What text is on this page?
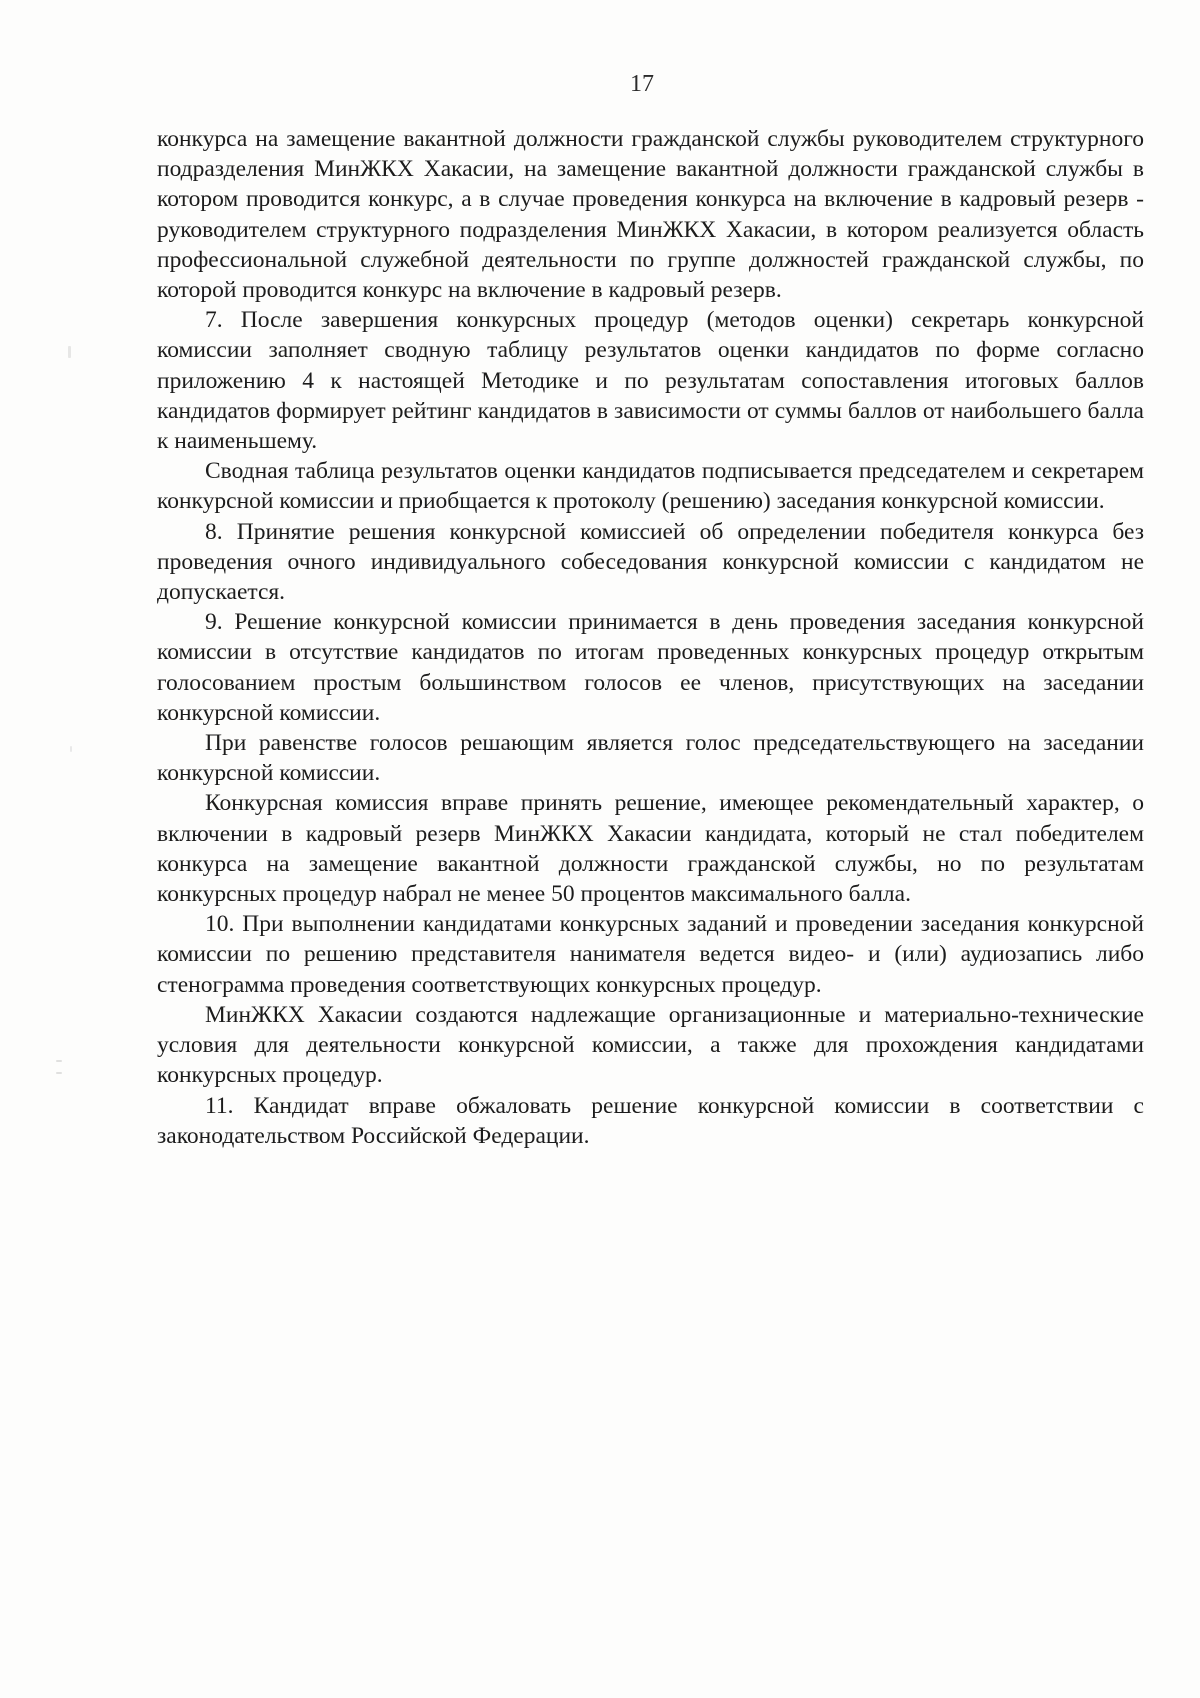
17

конкурса на замещение вакантной должности гражданской службы руководителем структурного подразделения МинЖКХ Хакасии, на замещение вакантной должности гражданской службы в котором проводится конкурс, а в случае проведения конкурса на включение в кадровый резерв - руководителем структурного подразделения МинЖКХ Хакасии, в котором реализуется область профессиональной служебной деятельности по группе должностей гражданской службы, по которой проводится конкурс на включение в кадровый резерв.

7. После завершения конкурсных процедур (методов оценки) секретарь конкурсной комиссии заполняет сводную таблицу результатов оценки кандидатов по форме согласно приложению 4 к настоящей Методике и по результатам сопоставления итоговых баллов кандидатов формирует рейтинг кандидатов в зависимости от суммы баллов от наибольшего балла к наименьшему.

Сводная таблица результатов оценки кандидатов подписывается председателем и секретарем конкурсной комиссии и приобщается к протоколу (решению) заседания конкурсной комиссии.

8. Принятие решения конкурсной комиссией об определении победителя конкурса без проведения очного индивидуального собеседования конкурсной комиссии с кандидатом не допускается.

9. Решение конкурсной комиссии принимается в день проведения заседания конкурсной комиссии в отсутствие кандидатов по итогам проведенных конкурсных процедур открытым голосованием простым большинством голосов ее членов, присутствующих на заседании конкурсной комиссии.

При равенстве голосов решающим является голос председательствующего на заседании конкурсной комиссии.

Конкурсная комиссия вправе принять решение, имеющее рекомендательный характер, о включении в кадровый резерв МинЖКХ Хакасии кандидата, который не стал победителем конкурса на замещение вакантной должности гражданской службы, но по результатам конкурсных процедур набрал не менее 50 процентов максимального балла.

10. При выполнении кандидатами конкурсных заданий и проведении заседания конкурсной комиссии по решению представителя нанимателя ведется видео- и (или) аудиозапись либо стенограмма проведения соответствующих конкурсных процедур.

МинЖКХ Хакасии создаются надлежащие организационные и материально-технические условия для деятельности конкурсной комиссии, а также для прохождения кандидатами конкурсных процедур.

11. Кандидат вправе обжаловать решение конкурсной комиссии в соответствии с законодательством Российской Федерации.
